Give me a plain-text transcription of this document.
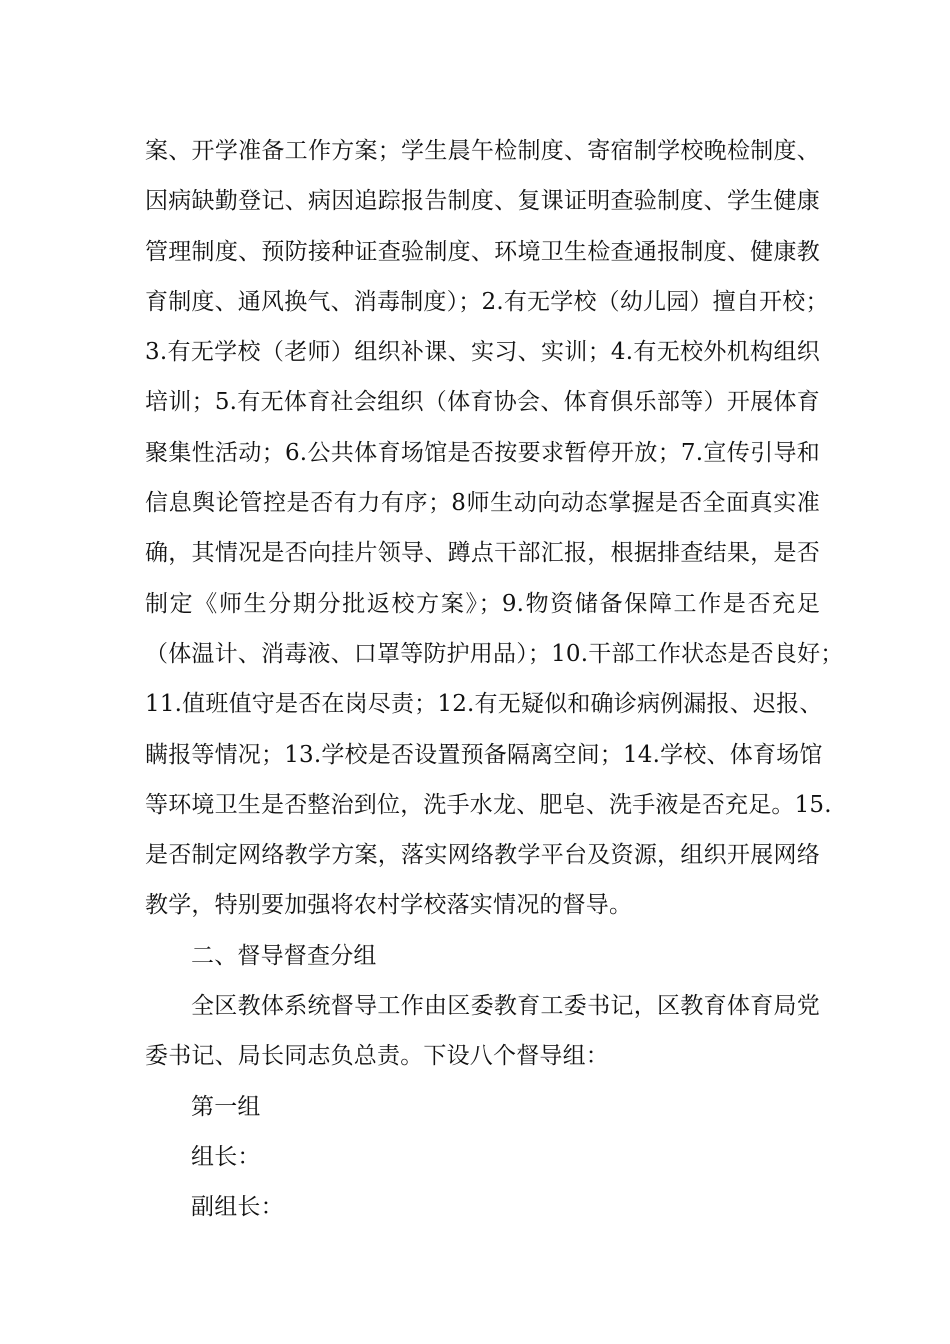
案、开学准备工作方案；学生晨午检制度、寄宿制学校晚检制度、
因病缺勤登记、病因追踪报告制度、复课证明查验制度、学生健康
管理制度、预防接种证查验制度、环境卫生检查通报制度、健康教
育制度、通风换气、消毒制度）；2.有无学校（幼儿园）擅自开校；
3.有无学校（老师）组织补课、实习、实训；4.有无校外机构组织
培训；5.有无体育社会组织（体育协会、体育俱乐部等）开展体育
聚集性活动；6.公共体育场馆是否按要求暂停开放；7.宣传引导和
信息舆论管控是否有力有序；8师生动向动态掌握是否全面真实准
确，其情况是否向挂片领导、蹲点干部汇报，根据排查结果，是否
制定《师生分期分批返校方案》；9.物资储备保障工作是否充足
（体温计、消毒液、口罩等防护用品）；10.干部工作状态是否良好；
11.值班值守是否在岗尽责；12.有无疑似和确诊病例漏报、迟报、
瞒报等情况；13.学校是否设置预备隔离空间；14.学校、体育场馆
等环境卫生是否整治到位，洗手水龙、肥皂、洗手液是否充足。15.
是否制定网络教学方案，落实网络教学平台及资源，组织开展网络
教学，特别要加强将农村学校落实情况的督导。
二、督导督查分组
全区教体系统督导工作由区委教育工委书记，区教育体育局党
委书记、局长同志负总责。下设八个督导组：
第一组
组长：
副组长：
